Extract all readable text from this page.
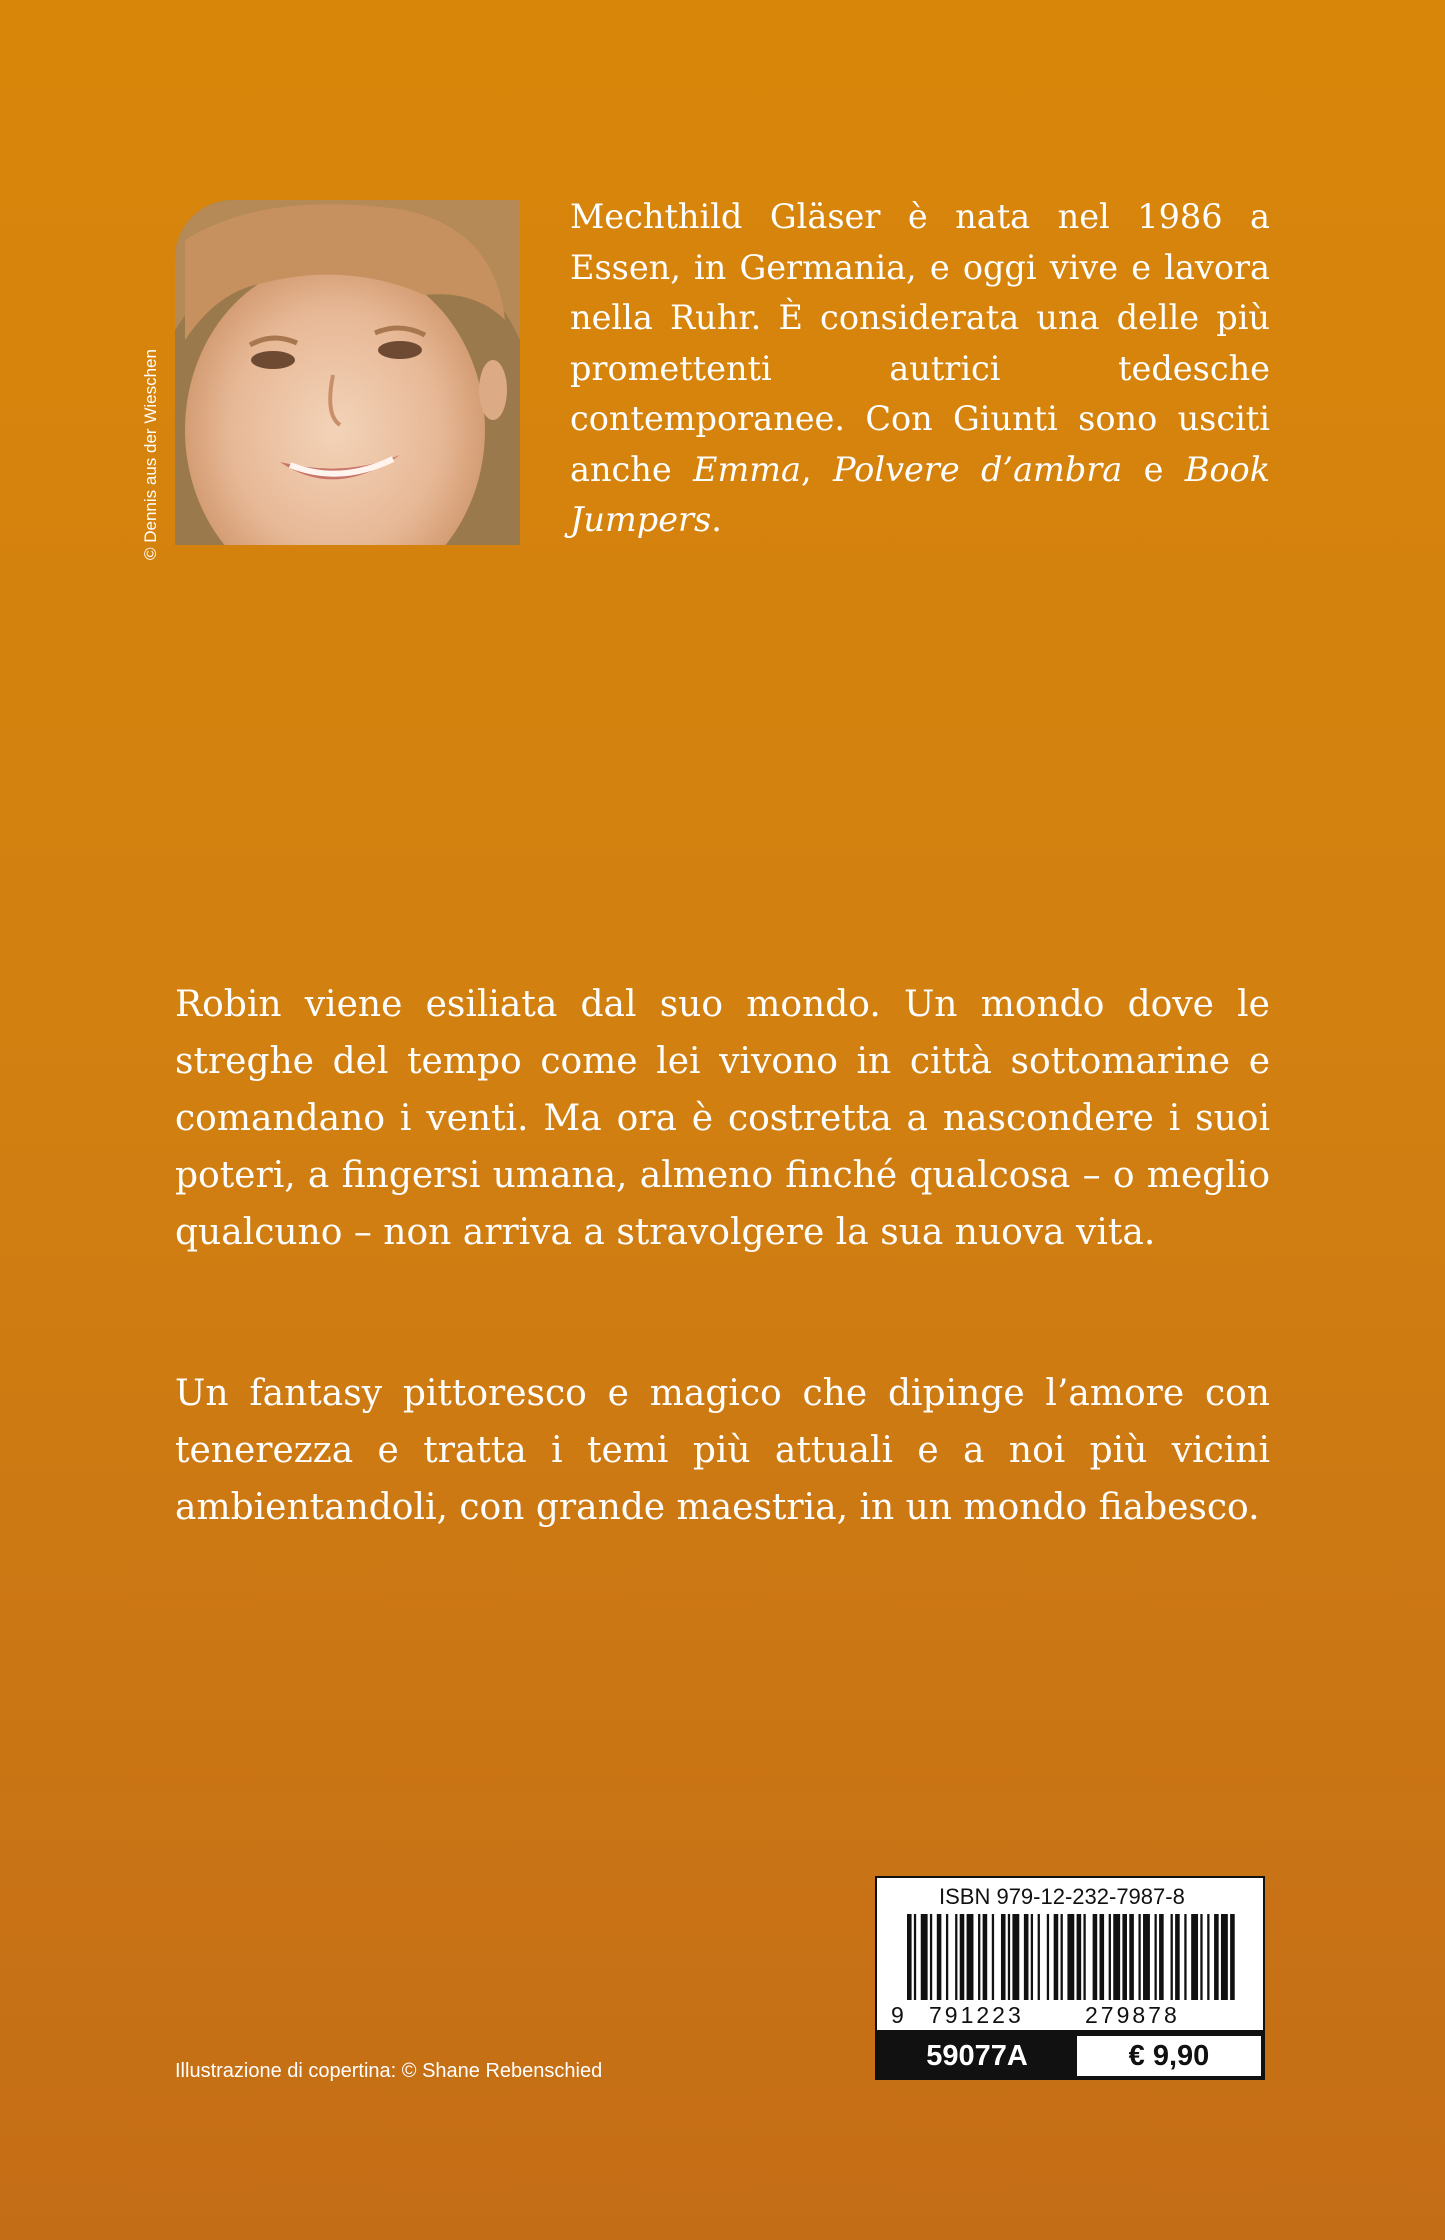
© Dennis aus der Wieschen

Mechthild Gläser è nata nel 1986 a Essen, in Germania, e oggi vive e lavora nella Ruhr. È considerata una delle più promettenti autrici tedesche contemporanee. Con Giunti sono usciti anche Emma, Polvere d’ambra e Book Jumpers.

Robin viene esiliata dal suo mondo. Un mondo dove le streghe del tempo come lei vivono in città sottomarine e comandano i venti. Ma ora è costretta a nascondere i suoi poteri, a fingersi umana, almeno finché qualcosa – o meglio qualcuno – non arriva a stravolgere la sua nuova vita.

Un fantasy pittoresco e magico che dipinge l’amore con tenerezza e tratta i temi più attuali e a noi più vicini ambientandoli, con grande maestria, in un mondo fiabesco.

Illustrazione di copertina: © Shane Rebenschied
ISBN 979-12-232-7987-8
9 791223	279878
59077A	€ 9,90
